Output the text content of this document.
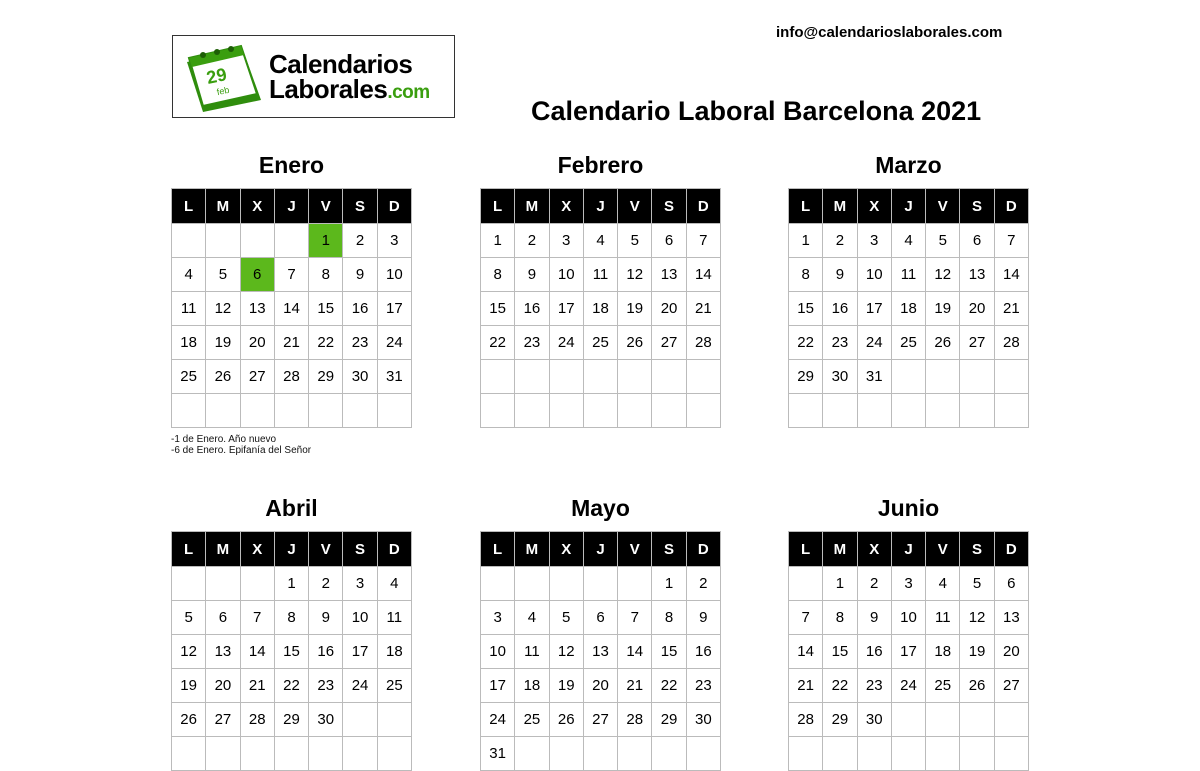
info@calendarioslaborales.com
29
feb
Calendarios
Laborales.com
Calendario Laboral Barcelona 2021
Enero
L	M	X	J	V	S	D
				1	2	3
4	5	6	7	8	9	10
11	12	13	14	15	16	17
18	19	20	21	22	23	24
25	26	27	28	29	30	31

-1 de Enero. Año nuevo
-6 de Enero. Epifanía del Señor
Febrero
L	M	X	J	V	S	D
1	2	3	4	5	6	7
8	9	10	11	12	13	14
15	16	17	18	19	20	21
22	23	24	25	26	27	28

Marzo
L	M	X	J	V	S	D
1	2	3	4	5	6	7
8	9	10	11	12	13	14
15	16	17	18	19	20	21
22	23	24	25	26	27	28
29	30	31				

Abril
L	M	X	J	V	S	D
			1	2	3	4
5	6	7	8	9	10	11
12	13	14	15	16	17	18
19	20	21	22	23	24	25
26	27	28	29	30		

Mayo
L	M	X	J	V	S	D
					1	2
3	4	5	6	7	8	9
10	11	12	13	14	15	16
17	18	19	20	21	22	23
24	25	26	27	28	29	30
31						
Junio
L	M	X	J	V	S	D
	1	2	3	4	5	6
7	8	9	10	11	12	13
14	15	16	17	18	19	20
21	22	23	24	25	26	27
28	29	30				
